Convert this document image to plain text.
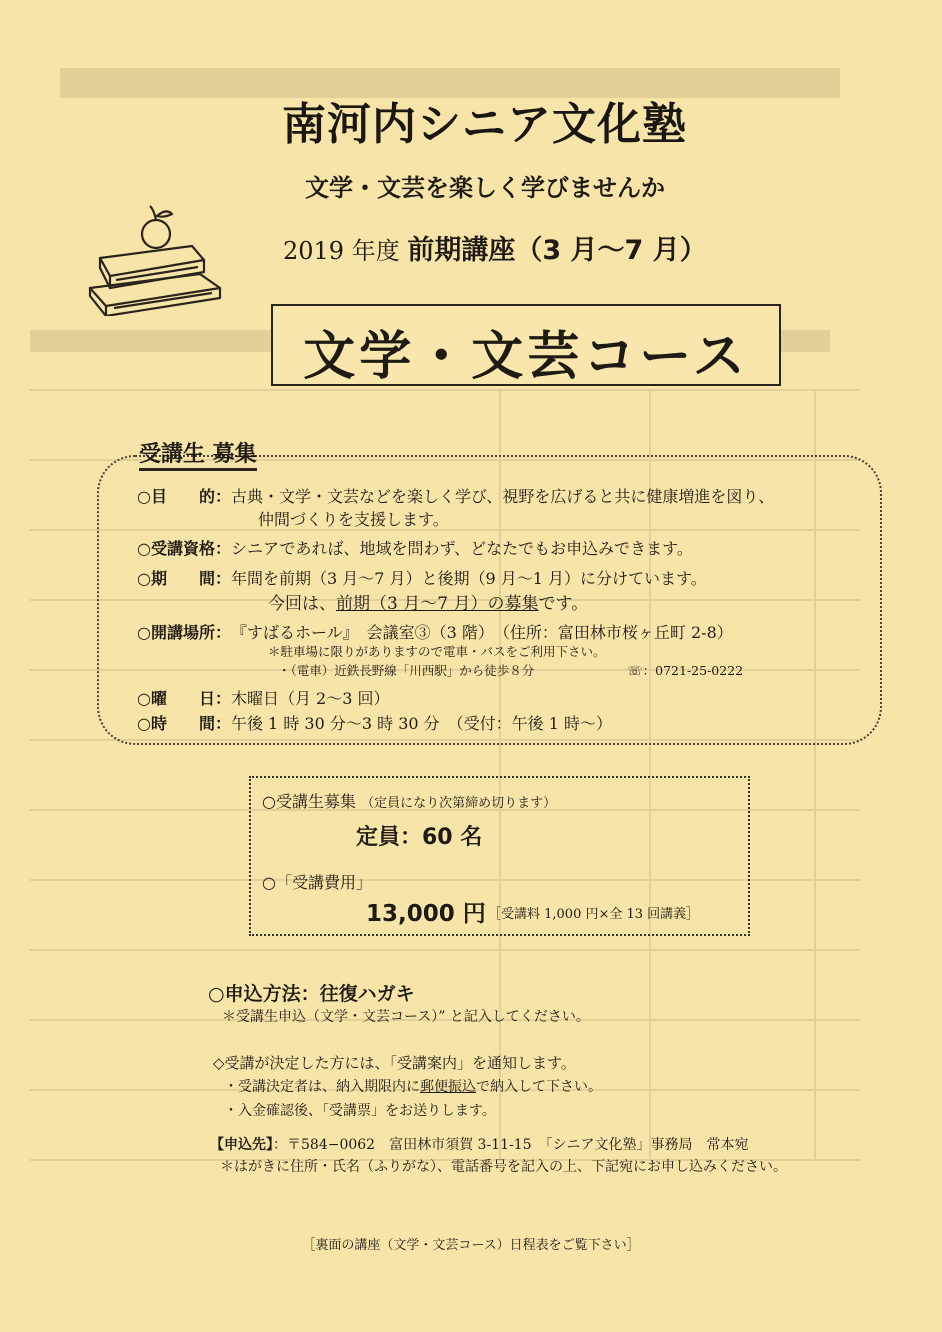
南河内シニア文化塾
文学・文芸を楽しく学びませんか
2019 年度 前期講座（3 月〜7 月）
文学・文芸コース
受講生 募集
○目　　的：古典・文学・文芸などを楽しく学び、視野を広げると共に健康増進を図り、
仲間づくりを支援します。
○受講資格：シニアであれば、地域を問わず、どなたでもお申込みできます。
○期　　間：年間を前期（3 月〜7 月）と後期（9 月〜1 月）に分けています。
今回は、前期（3 月〜7 月）の募集です。
○開講場所：『すばるホール』　会議室③（3 階）　（住所：富田林市桜ヶ丘町 2-8）
＊駐車場に限りがありますので電車・バスをご利用下さい。
・（電車）近鉄長野線「川西駅」から徒歩８分	☏：0721-25-0222
○曜　　日：木曜日（月 2〜3 回）
○時　　間：午後 1 時 30 分〜3 時 30 分　（受付：午後 1 時〜）
○受講生募集 （定員になり次第締め切ります）
定員：60 名
○「受講費用」
13,000 円 ［受講料 1,000 円×全 13 回講義］
○申込方法：往復ハガキ
＊受講生申込（文学・文芸コース）” と記入してください。
◇受講が決定した方には、「受講案内」を通知します。
・受講決定者は、納入期限内に郵便振込で納入して下さい。
・入金確認後、「受講票」をお送りします。
【申込先】：〒584−0062　富田林市須賀 3-11-15　「シニア文化塾」事務局　常本宛
＊はがきに住所・氏名（ふりがな）、電話番号を記入の上、下記宛にお申し込みください。
［裏面の講座（文学・文芸コース）日程表をご覧下さい］
